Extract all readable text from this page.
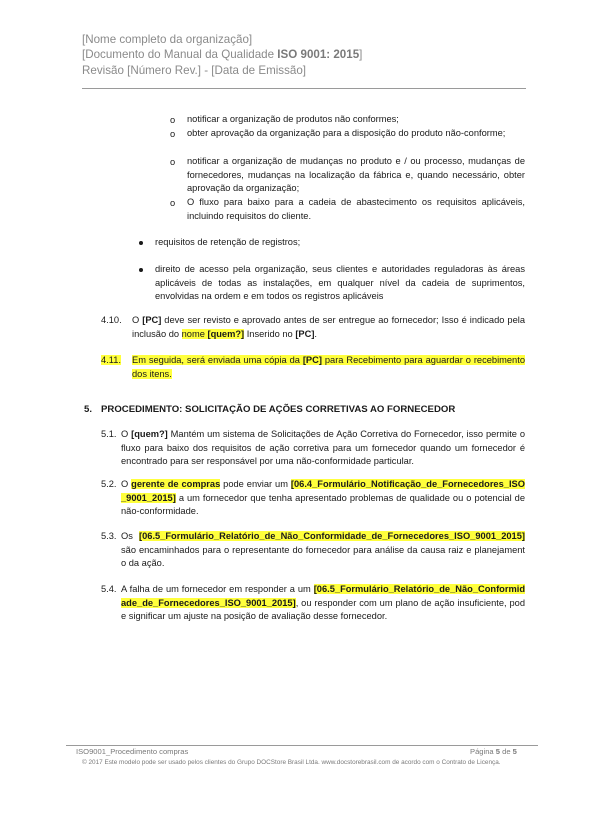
[Nome completo da organização]
[Documento do Manual da Qualidade ISO 9001: 2015]
Revisão [Número Rev.] - [Data de Emissão]
o notificar a organização de produtos não conformes;
o obter aprovação da organização para a disposição do produto não-conforme;
o notificar a organização de mudanças no produto e / ou processo, mudanças de fornecedores, mudanças na localização da fábrica e, quando necessário, obter aprovação da organização;
o O fluxo para baixo para a cadeia de abastecimento os requisitos aplicáveis, incluindo requisitos do cliente.
requisitos de retenção de registros;
direito de acesso pela organização, seus clientes e autoridades reguladoras às áreas aplicáveis de todas as instalações, em qualquer nível da cadeia de suprimentos, envolvidas na ordem e em todos os registros aplicáveis
4.10. O [PC] deve ser revisto e aprovado antes de ser entregue ao fornecedor; Isso é indicado pela inclusão do nome [quem?] Inserido no [PC].
4.11. Em seguida, será enviada uma cópia da [PC] para Recebimento para aguardar o recebimento dos itens.
5. PROCEDIMENTO: SOLICITAÇÃO DE AÇÕES CORRETIVAS AO FORNECEDOR
5.1. O [quem?] Mantém um sistema de Solicitações de Ação Corretiva do Fornecedor, isso permite o fluxo para baixo dos requisitos de ação corretiva para um fornecedor quando um fornecedor é encontrado para ser responsável por uma não-conformidade particular.
5.2. O gerente de compras pode enviar um [06.4_Formulário_Notificação_de_Fornecedores_ISO_9001_2015] a um fornecedor que tenha apresentado problemas de qualidade ou o potencial de não-conformidade.
5.3. Os [06.5_Formulário_Relatório_de_Não_Conformidade_de_Fornecedores_ISO_9001_2015] são encaminhados para o representante do fornecedor para análise da causa raiz e planejamento da ação.
5.4. A falha de um fornecedor em responder a um [06.5_Formulário_Relatório_de_Não_Conformidade_de_Fornecedores_ISO_9001_2015], ou responder com um plano de ação insuficiente, pode significar um ajuste na posição de avaliação desse fornecedor.
ISO9001_Procedimento compras	Página 5 de 5
© 2017 Este modelo pode ser usado pelos clientes do Grupo DOCStore Brasil Ltda. www.docstorebrasil.com de acordo com o Contrato de Licença.
